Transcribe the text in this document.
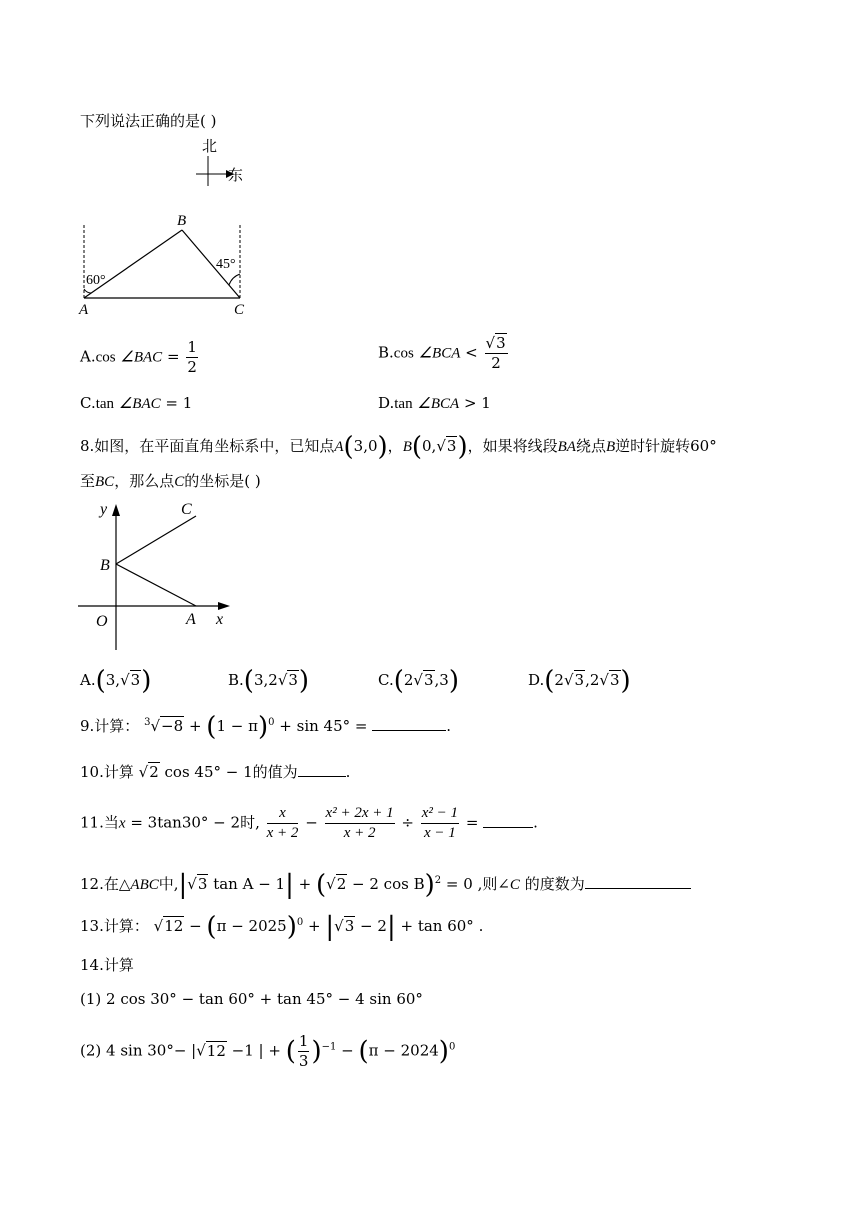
下列说法正确的是( )
北
东
60°
45°
B
A	C
A.cos ∠BAC = $\frac{1}{2}$	B.cos ∠BCA < $\frac{√3}{2}$
C.tan ∠BAC = 1	D.tan ∠BCA > 1
8.如图，在平面直角坐标系中，已知点A(3,0)，B(0,√3)，如果将线段BA绕点B逆时针旋转60°
至BC，那么点C的坐标是( )
y
x
C
B
O	A
A.(3,√3)	B.(3,2√3)	C.(2√3,3)	D.(2√3,2√3)
9.计算： $^3√-8 + (1 - \pi)^0 + \sin 45^\circ$ =	.
10.计算 √2 cos 45° − 1的值为	.
11.当x = 3tan30° − 2时, $\frac{x}{x + 2} - \frac{\text{x² + 2x + 1}}{x + 2} \div \frac{\text{x² − 1}}{x - 1}$ =	.
12.在△ABC中,|√3 tan A − 1| + (√2 − 2 cos B)$^2$ = 0 ,则∠C 的度数为
13.计算： $√12 - (\pi - 2025)^0 + |√3 - 2| + \tan 60^\circ$ .
14.计算
(1) 2 cos 30° − tan 60° + tan 45° − 4 sin 60°
(2) 4 sin 30°− |√12 −1 | + ( $\frac{1}{3} )^{-1} - (\pi - 2024)^0$
